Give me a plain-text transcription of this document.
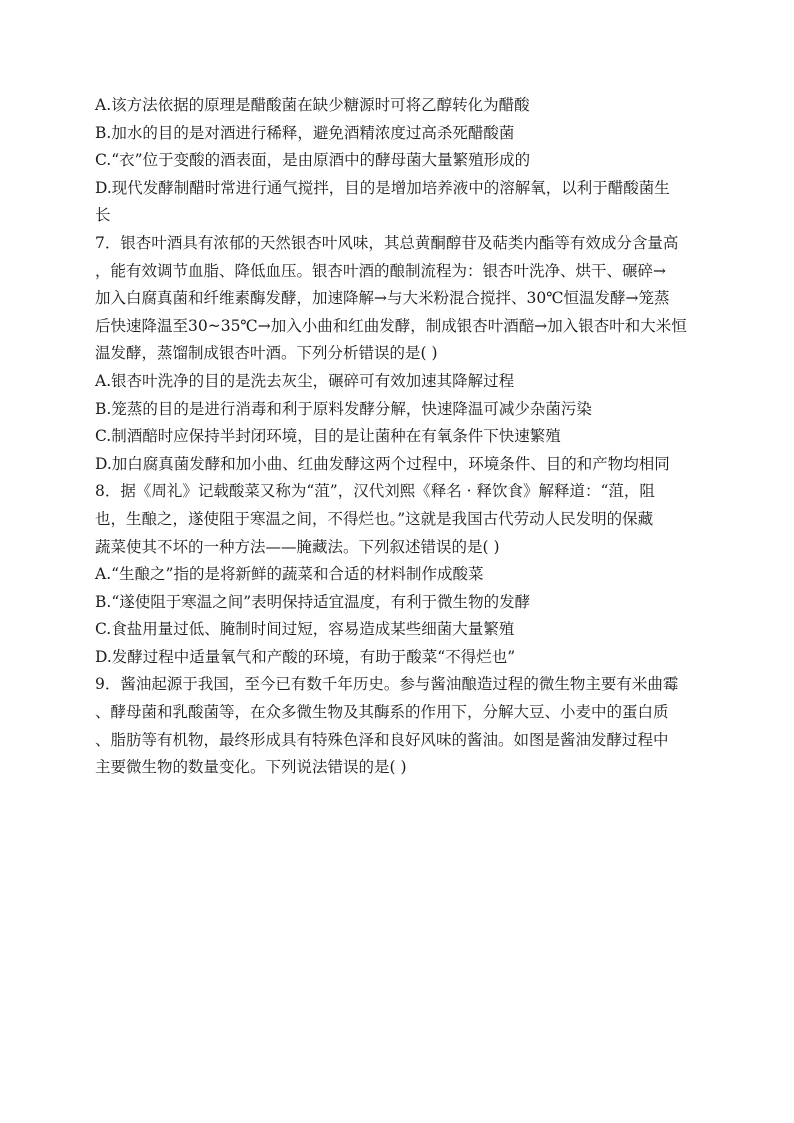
A.该方法依据的原理是醋酸菌在缺少糖源时可将乙醇转化为醋酸
B.加水的目的是对酒进行稀释，避免酒精浓度过高杀死醋酸菌
C.“衣”位于变酸的酒表面，是由原酒中的酵母菌大量繁殖形成的
D.现代发酵制醋时常进行通气搅拌，目的是增加培养液中的溶解氧，以利于醋酸菌生
长
7．银杏叶酒具有浓郁的天然银杏叶风味，其总黄酮醇苷及萜类内酯等有效成分含量高
，能有效调节血脂、降低血压。银杏叶酒的酿制流程为：银杏叶洗净、烘干、碾碎→
加入白腐真菌和纤维素酶发酵，加速降解→与大米粉混合搅拌、30℃恒温发酵→笼蒸
后快速降温至30~35℃→加入小曲和红曲发酵，制成银杏叶酒醅→加入银杏叶和大米恒
温发酵，蒸馏制成银杏叶酒。下列分析错误的是( )
A.银杏叶洗净的目的是洗去灰尘，碾碎可有效加速其降解过程
B.笼蒸的目的是进行消毒和利于原料发酵分解，快速降温可减少杂菌污染
C.制酒醅时应保持半封闭环境，目的是让菌种在有氧条件下快速繁殖
D.加白腐真菌发酵和加小曲、红曲发酵这两个过程中，环境条件、目的和产物均相同
8．据《周礼》记载酸菜又称为“菹”，汉代刘熙《释名 · 释饮食》解释道：“菹，阻
也，生酿之，遂使阻于寒温之间，不得烂也。”这就是我国古代劳动人民发明的保藏
蔬菜使其不坏的一种方法——腌藏法。下列叙述错误的是( )
A.“生酿之”指的是将新鲜的蔬菜和合适的材料制作成酸菜
B.“遂使阻于寒温之间”表明保持适宜温度，有利于微生物的发酵
C.食盐用量过低、腌制时间过短，容易造成某些细菌大量繁殖
D.发酵过程中适量氧气和产酸的环境，有助于酸菜“不得烂也”
9．酱油起源于我国，至今已有数千年历史。参与酱油酿造过程的微生物主要有米曲霉
、酵母菌和乳酸菌等，在众多微生物及其酶系的作用下，分解大豆、小麦中的蛋白质
、脂肪等有机物，最终形成具有特殊色泽和良好风味的酱油。如图是酱油发酵过程中
主要微生物的数量变化。下列说法错误的是( )
